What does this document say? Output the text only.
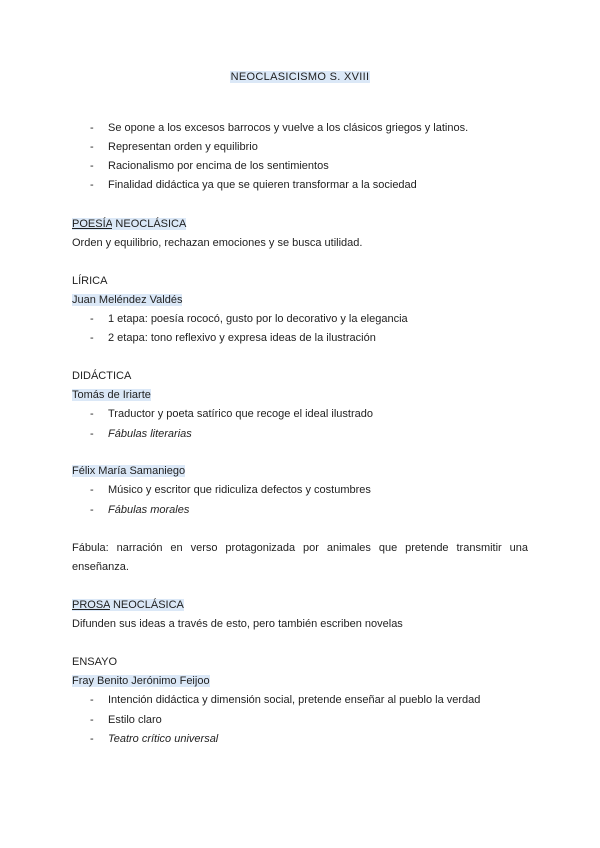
NEOCLASICISMO S. XVIII
- Se opone a los excesos barrocos y vuelve a los clásicos griegos y latinos.
- Representan orden y equilibrio
- Racionalismo por encima de los sentimientos
- Finalidad didáctica ya que se quieren transformar a la sociedad
POESÍA NEOCLÁSICA
Orden y equilibrio, rechazan emociones y se busca utilidad.
LÍRICA
Juan Meléndez Valdés
- 1 etapa: poesía rococó, gusto por lo decorativo y la elegancia
- 2 etapa: tono reflexivo y expresa ideas de la ilustración
DIDÁCTICA
Tomás de Iriarte
- Traductor y poeta satírico que recoge el ideal ilustrado
- Fábulas literarias
Félix María Samaniego
- Músico y escritor que ridiculiza defectos y costumbres
- Fábulas morales

Fábula: narración en verso protagonizada por animales que pretende transmitir una enseñanza.

PROSA NEOCLÁSICA
Difunden sus ideas a través de esto, pero también escriben novelas
ENSAYO
Fray Benito Jerónimo Feijoo
- Intención didáctica y dimensión social, pretende enseñar al pueblo la verdad
- Estilo claro
- Teatro crítico universal
